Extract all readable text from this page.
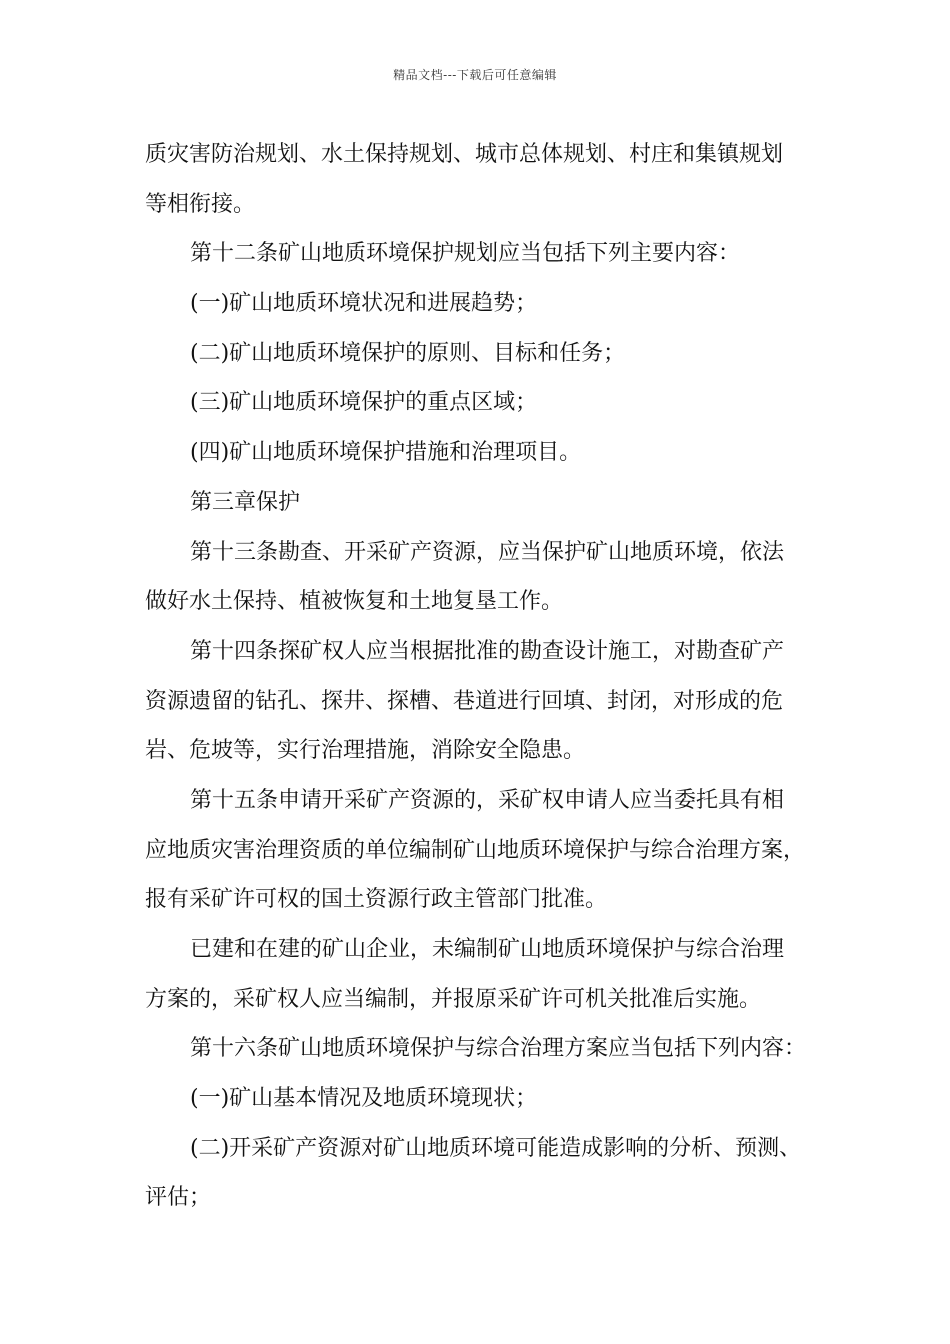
精品文档---下载后可任意编辑
质灾害防治规划、水土保持规划、城市总体规划、村庄和集镇规划
等相衔接。
第十二条矿山地质环境保护规划应当包括下列主要内容：
(一)矿山地质环境状况和进展趋势；
(二)矿山地质环境保护的原则、目标和任务；
(三)矿山地质环境保护的重点区域；
(四)矿山地质环境保护措施和治理项目。
第三章保护
第十三条勘查、开采矿产资源，应当保护矿山地质环境，依法
做好水土保持、植被恢复和土地复垦工作。
第十四条探矿权人应当根据批准的勘查设计施工，对勘查矿产
资源遗留的钻孔、探井、探槽、巷道进行回填、封闭，对形成的危
岩、危坡等，实行治理措施，消除安全隐患。
第十五条申请开采矿产资源的，采矿权申请人应当委托具有相
应地质灾害治理资质的单位编制矿山地质环境保护与综合治理方案，
报有采矿许可权的国土资源行政主管部门批准。
已建和在建的矿山企业，未编制矿山地质环境保护与综合治理
方案的，采矿权人应当编制，并报原采矿许可机关批准后实施。
第十六条矿山地质环境保护与综合治理方案应当包括下列内容：
(一)矿山基本情况及地质环境现状；
(二)开采矿产资源对矿山地质环境可能造成影响的分析、预测、
评估；
